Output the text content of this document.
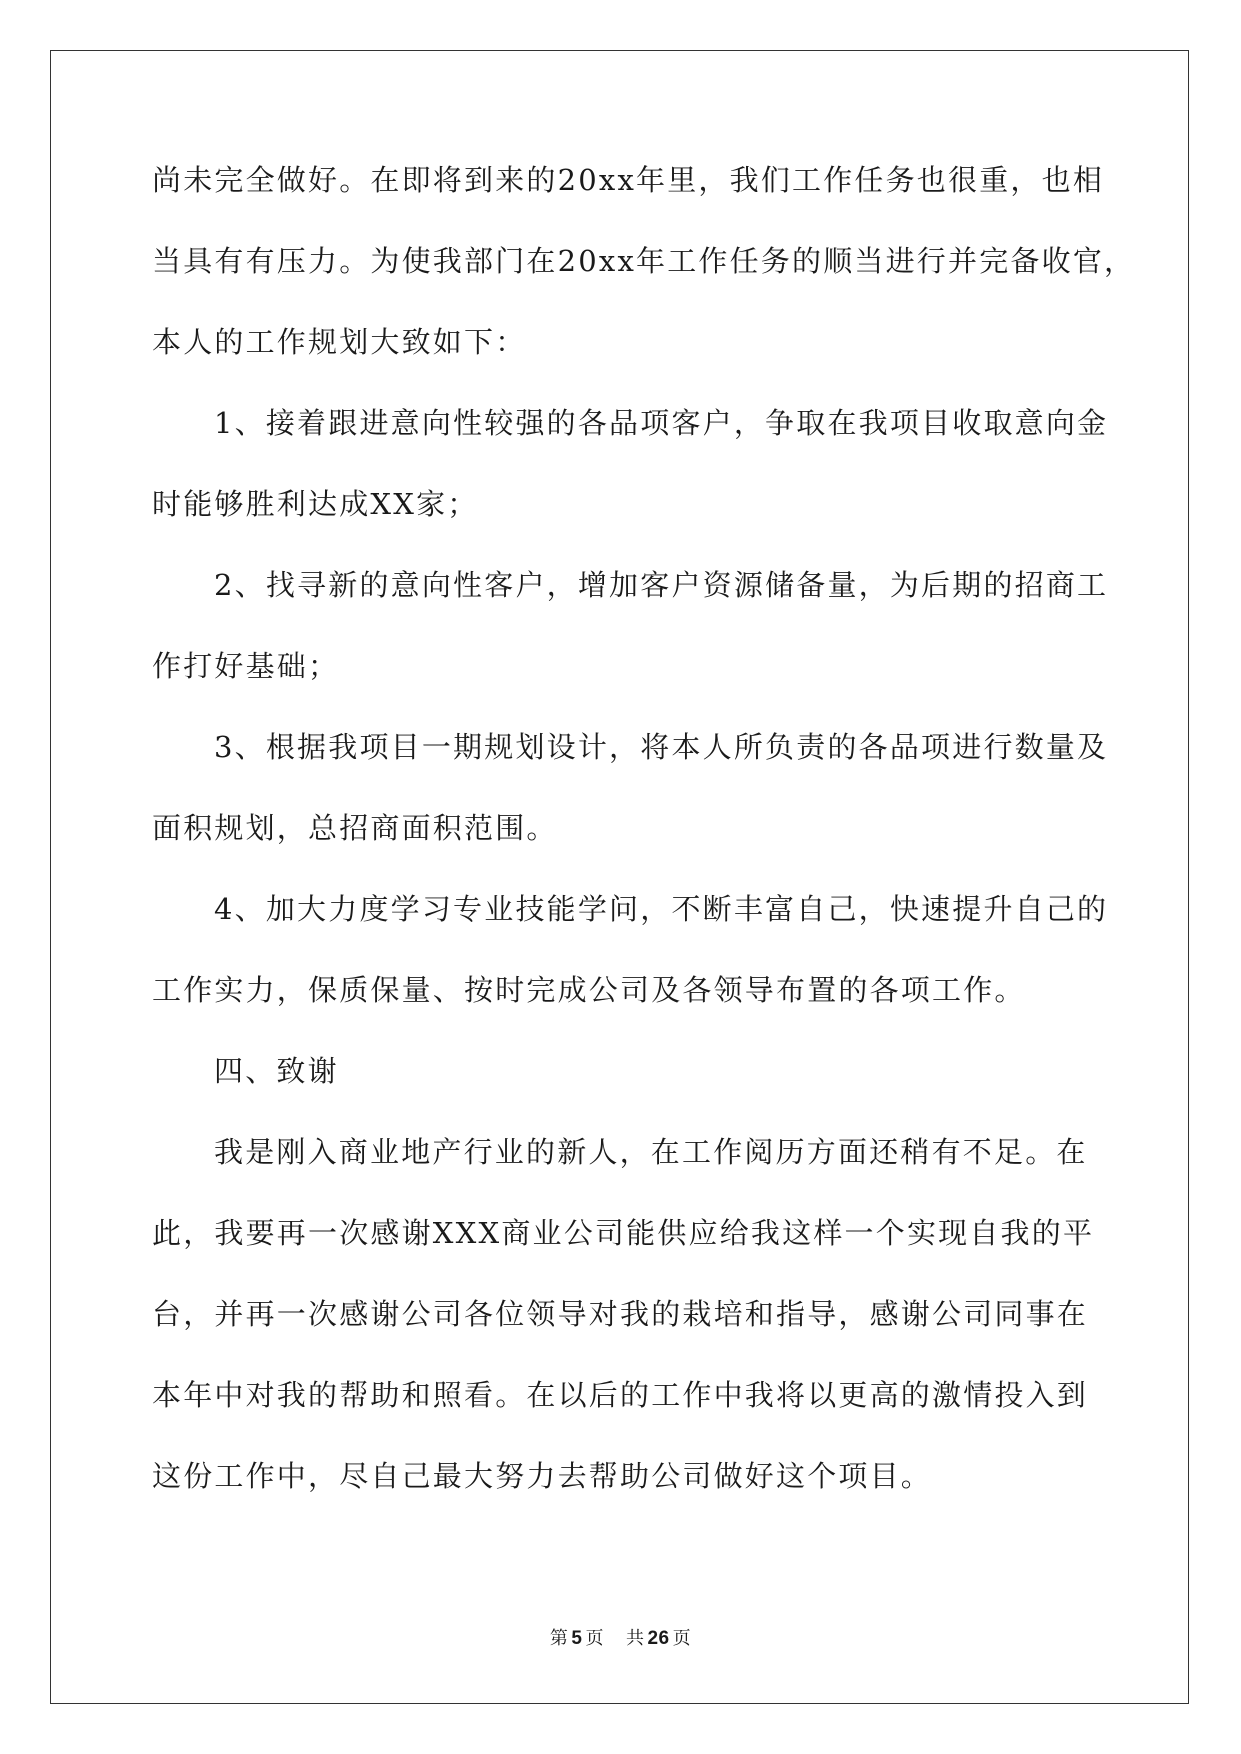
尚未完全做好。在即将到来的20xx年里，我们工作任务也很重，也相
当具有有压力。为使我部门在20xx年工作任务的顺当进行并完备收官，
本人的工作规划大致如下：
1、接着跟进意向性较强的各品项客户，争取在我项目收取意向金
时能够胜利达成XX家；
2、找寻新的意向性客户，增加客户资源储备量，为后期的招商工
作打好基础；
3、根据我项目一期规划设计，将本人所负责的各品项进行数量及
面积规划，总招商面积范围。
4、加大力度学习专业技能学问，不断丰富自己，快速提升自己的
工作实力，保质保量、按时完成公司及各领导布置的各项工作。
四、致谢
我是刚入商业地产行业的新人，在工作阅历方面还稍有不足。在
此，我要再一次感谢XXX商业公司能供应给我这样一个实现自我的平
台，并再一次感谢公司各位领导对我的栽培和指导，感谢公司同事在
本年中对我的帮助和照看。在以后的工作中我将以更高的激情投入到
这份工作中，尽自己最大努力去帮助公司做好这个项目。
第 5 页 共 26 页
